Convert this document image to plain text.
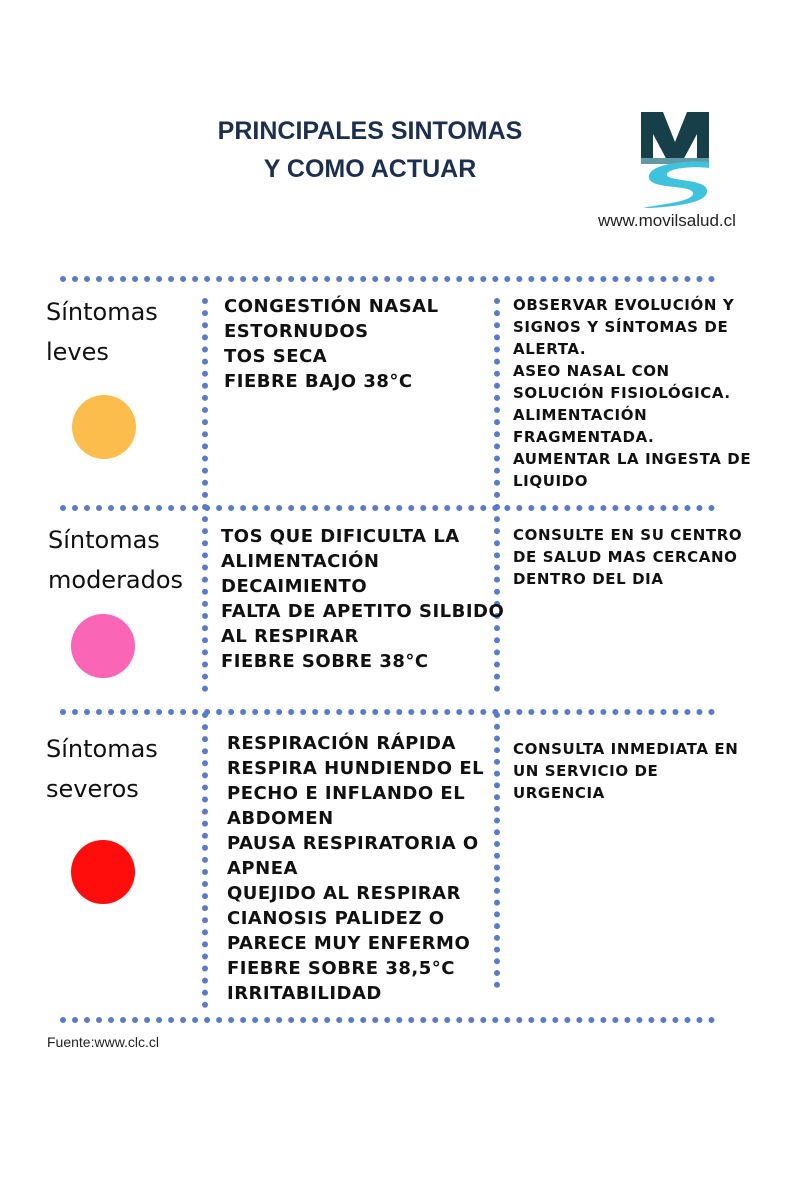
PRINCIPALES SINTOMAS
Y COMO ACTUAR
www.movilsalud.cl
Síntomas
leves
CONGESTIÓN NASAL
ESTORNUDOS
TOS SECA
FIEBRE BAJO 38°C
OBSERVAR EVOLUCIÓN Y
SIGNOS Y SÍNTOMAS DE
ALERTA.
ASEO NASAL CON
SOLUCIÓN FISIOLÓGICA.
ALIMENTACIÓN
FRAGMENTADA.
AUMENTAR LA INGESTA DE
LIQUIDO
Síntomas
moderados
TOS QUE DIFICULTA LA
ALIMENTACIÓN
DECAIMIENTO
FALTA DE APETITO SILBIDO
AL RESPIRAR
FIEBRE SOBRE 38°C
CONSULTE EN SU CENTRO
DE SALUD MAS CERCANO
DENTRO DEL DIA
Síntomas
severos
RESPIRACIÓN RÁPIDA
RESPIRA HUNDIENDO EL
PECHO E INFLANDO EL
ABDOMEN
PAUSA RESPIRATORIA O
APNEA
QUEJIDO AL RESPIRAR
CIANOSIS PALIDEZ O
PARECE MUY ENFERMO
FIEBRE SOBRE 38,5°C
IRRITABILIDAD
CONSULTA INMEDIATA EN
UN SERVICIO DE
URGENCIA
Fuente:www.clc.cl
